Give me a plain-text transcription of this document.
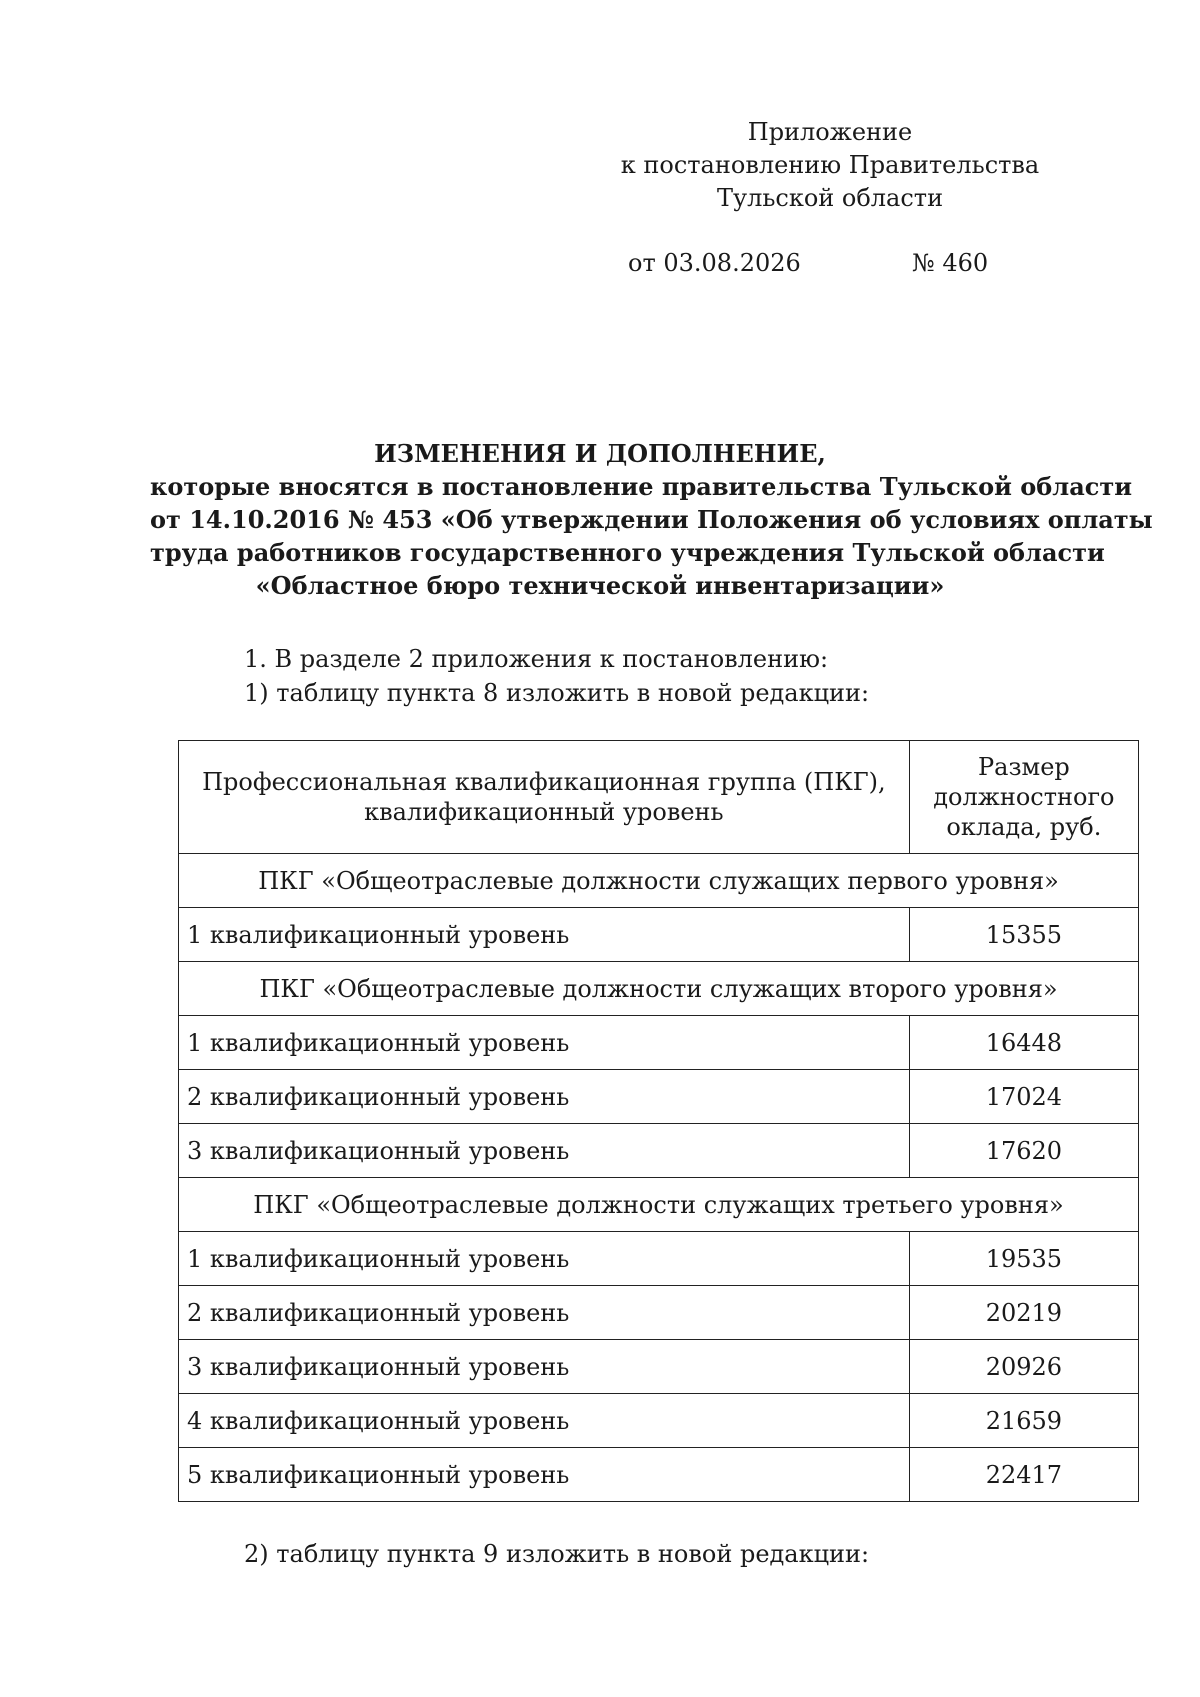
Приложение
к постановлению Правительства
Тульской области
от 03.08.2026	№ 460
ИЗМЕНЕНИЯ И ДОПОЛНЕНИЕ,
которые вносятся в постановление правительства Тульской области
от 14.10.2016 № 453 «Об утверждении Положения об условиях оплаты
труда работников государственного учреждения Тульской области
«Областное бюро технической инвентаризации»
1. В разделе 2 приложения к постановлению:
1) таблицу пункта 8 изложить в новой редакции:
Профессиональная квалификационная группа (ПКГ),
квалификационный уровень	Размер
должностного
оклада, руб.

ПКГ «Общеотраслевые должности служащих первого уровня»	
1 квалификационный уровень	15355
ПКГ «Общеотраслевые должности служащих второго уровня»	
1 квалификационный уровень	16448
2 квалификационный уровень	17024
3 квалификационный уровень	17620
ПКГ «Общеотраслевые должности служащих третьего уровня»	
1 квалификационный уровень	19535
2 квалификационный уровень	20219
3 квалификационный уровень	20926
4 квалификационный уровень	21659
5 квалификационный уровень	22417
2) таблицу пункта 9 изложить в новой редакции:
